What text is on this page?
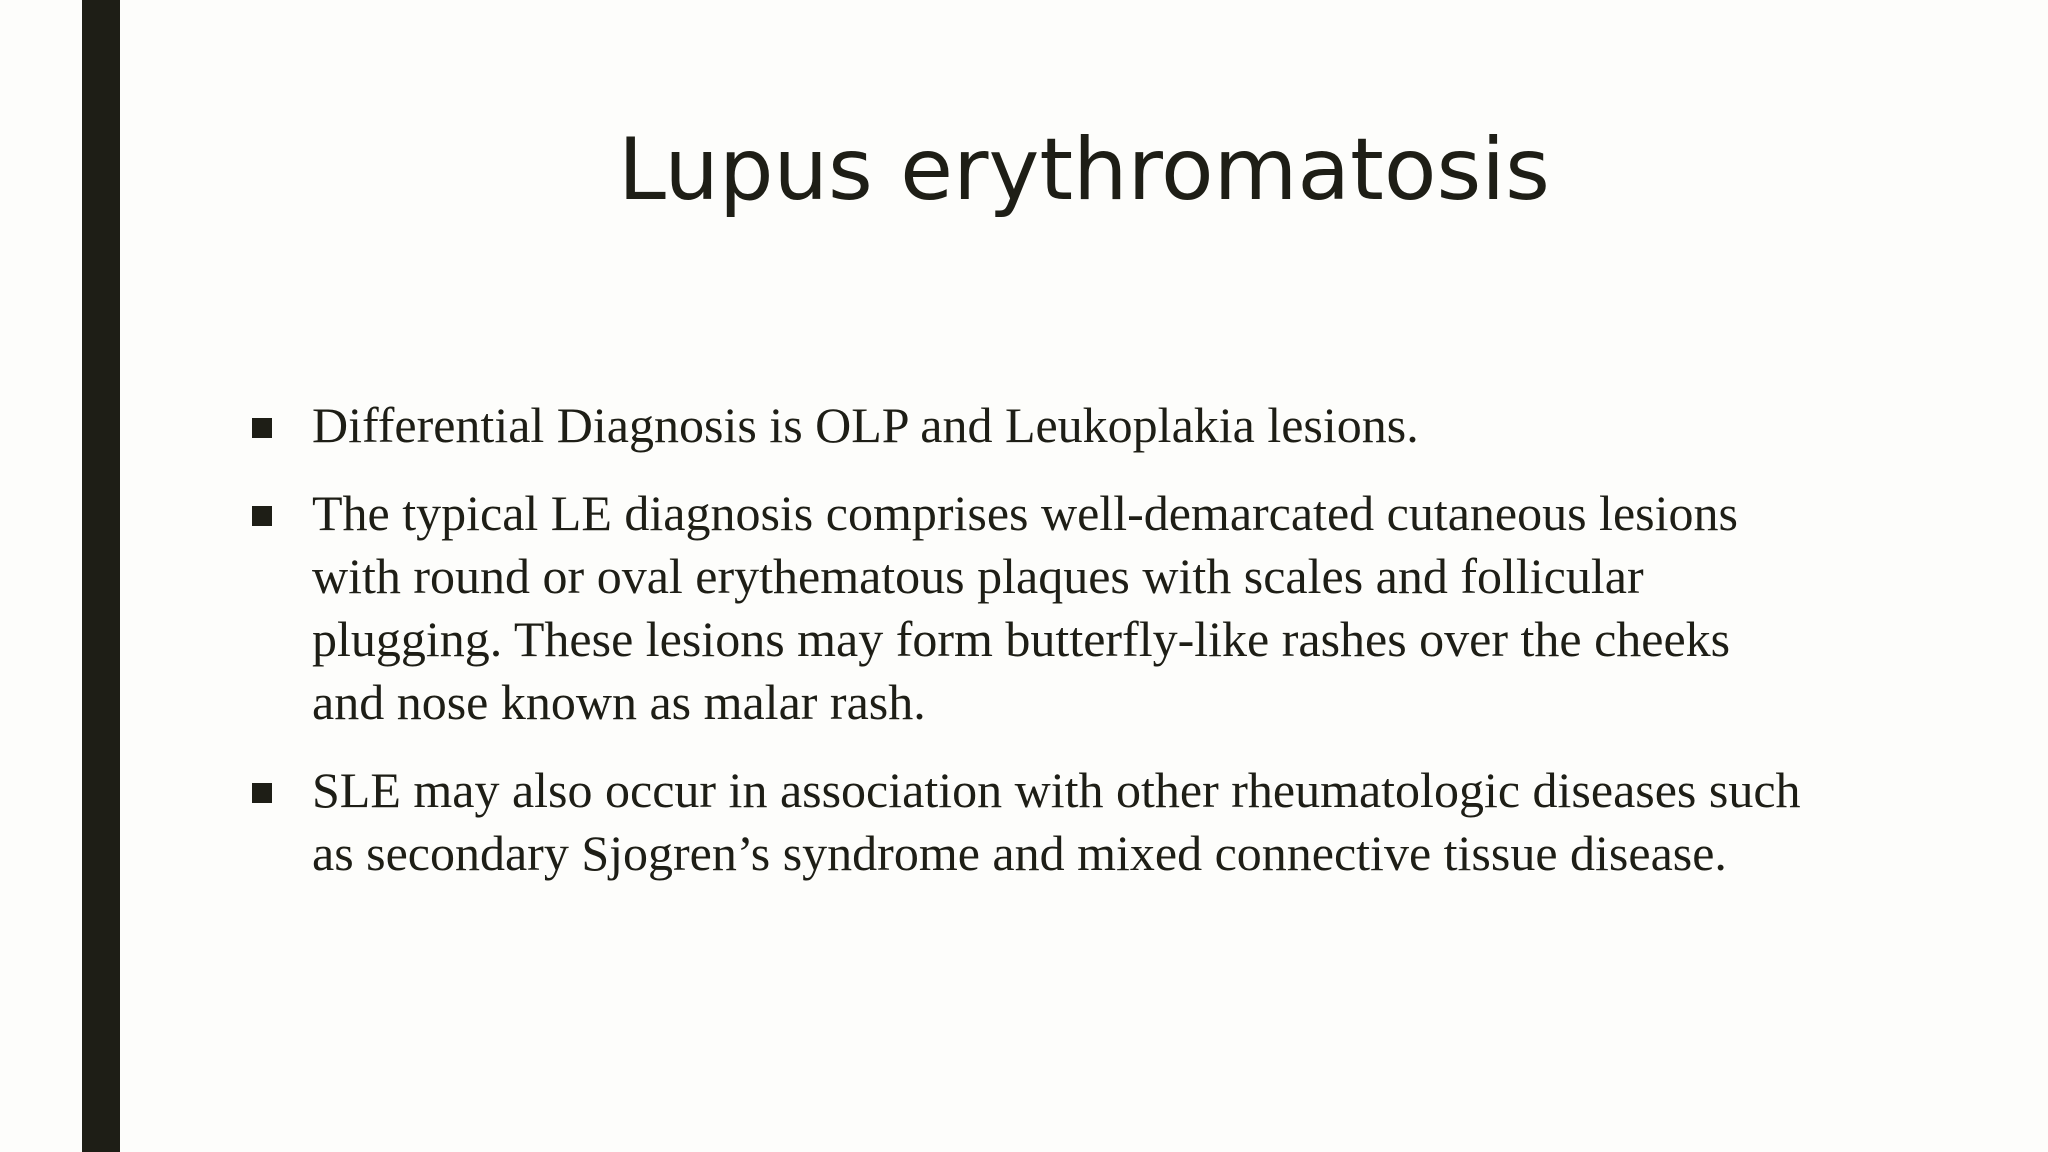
Lupus erythromatosis
Differential Diagnosis is OLP and Leukoplakia lesions.
The typical LE diagnosis comprises well-demarcated cutaneous lesions with round or oval erythematous plaques with scales and follicular plugging. These lesions may form butterfly-like rashes over the cheeks and nose known as malar rash.
SLE may also occur in association with other rheumatologic diseases such as secondary Sjogren’s syndrome and mixed connective tissue disease.
